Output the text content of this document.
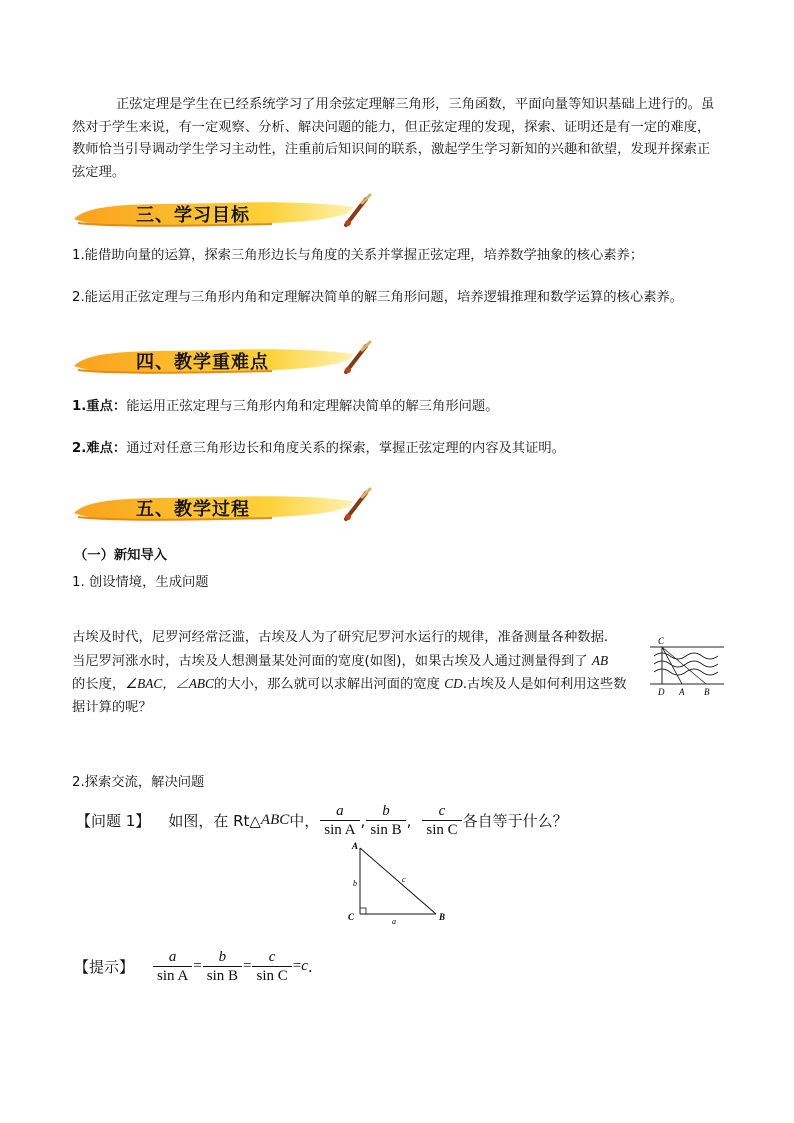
正弦定理是学生在已经系统学习了用余弦定理解三角形，三角函数，平面向量等知识基础上进行的。虽然对于学生来说，有一定观察、分析、解决问题的能力，但正弦定理的发现，探索、证明还是有一定的难度，教师恰当引导调动学生学习主动性，注重前后知识间的联系，激起学生学习新知的兴趣和欲望，发现并探索正弦定理。
三、学习目标
1.能借助向量的运算，探索三角形边长与角度的关系并掌握正弦定理，培养数学抽象的核心素养；
2.能运用正弦定理与三角形内角和定理解决简单的解三角形问题，培养逻辑推理和数学运算的核心素养。
四、教学重难点
1.重点：能运用正弦定理与三角形内角和定理解决简单的解三角形问题。
2.难点：通过对任意三角形边长和角度关系的探索，掌握正弦定理的内容及其证明。
五、教学过程
（一）新知导入
1. 创设情境，生成问题
古埃及时代，尼罗河经常泛滥，古埃及人为了研究尼罗河水运行的规律，准备测量各种数据.
当尼罗河涨水时，古埃及人想测量某处河面的宽度(如图)，如果古埃及人通过测量得到了 AB
的长度，∠BAC，∠ABC的大小，那么就可以求解出河面的宽度 CD.古埃及人是如何利用这些数
据计算的呢？
C
D A B
2.探索交流，解决问题
【问题 1】 如图，在 Rt△ ABC 中， $\frac{a}{\text{sin A}}$ , $\frac{b}{\text{sin B}}$ , $\frac{c}{\text{sin C}}$ 各自等于什么？
A
C	B
b
a
c
【提示】 $\frac{a}{\text{sin A}} = \frac{b}{\text{sin B}} = \frac{c}{\text{sin C}} = c$ .
